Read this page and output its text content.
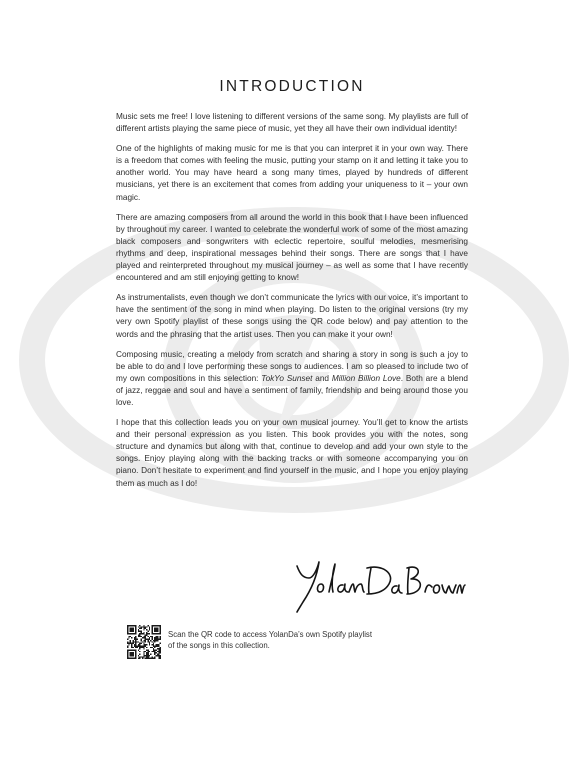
INTRODUCTION

Music sets me free! I love listening to different versions of the same song. My playlists are full of different artists playing the same piece of music, yet they all have their own individual identity!

One of the highlights of making music for me is that you can interpret it in your own way. There is a freedom that comes with feeling the music, putting your stamp on it and letting it take you to another world. You may have heard a song many times, played by hundreds of different musicians, yet there is an excitement that comes from adding your uniqueness to it – your own magic.

There are amazing composers from all around the world in this book that I have been influenced by throughout my career. I wanted to celebrate the wonderful work of some of the most amazing black composers and songwriters with eclectic repertoire, soulful melodies, mesmerising rhythms and deep, inspirational messages behind their songs. There are songs that I have played and reinterpreted throughout my musical journey – as well as some that I have recently encountered and am still enjoying getting to know!

As instrumentalists, even though we don’t communicate the lyrics with our voice, it’s important to have the sentiment of the song in mind when playing. Do listen to the original versions (try my very own Spotify playlist of these songs using the QR code below) and pay attention to the words and the phrasing that the artist uses. Then you can make it your own!

Composing music, creating a melody from scratch and sharing a story in song is such a joy to be able to do and I love performing these songs to audiences. I am so pleased to include two of my own compositions in this selection: TokYo Sunset and Million Billion Love. Both are a blend of jazz, reggae and soul and have a sentiment of family, friendship and being around those you love.

I hope that this collection leads you on your own musical journey. You’ll get to know the artists and their personal expression as you listen. This book provides you with the notes, song structure and dynamics but along with that, continue to develop and add your own style to the songs. Enjoy playing along with the backing tracks or with someone accompanying you on piano. Don’t hesitate to experiment and find yourself in the music, and I hope you enjoy playing them as much as I do!

Scan the QR code to access YolanDa’s own Spotify playlist
of the songs in this collection.
